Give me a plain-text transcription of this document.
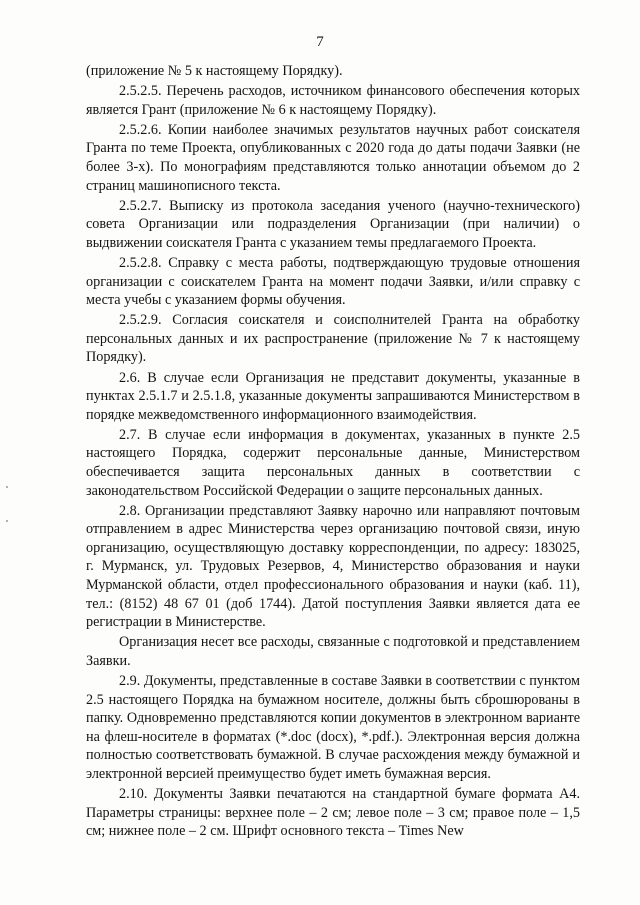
7

(приложение № 5 к настоящему Порядку).

2.5.2.5. Перечень расходов, источником финансового обеспечения которых является Грант (приложение № 6 к настоящему Порядку).

2.5.2.6. Копии наиболее значимых результатов научных работ соискателя Гранта по теме Проекта, опубликованных с 2020 года до даты подачи Заявки (не более 3-х). По монографиям представляются только аннотации объемом до 2 страниц машинописного текста.

2.5.2.7. Выписку из протокола заседания ученого (научно-технического) совета Организации или подразделения Организации (при наличии) о выдвижении соискателя Гранта с указанием темы предлагаемого Проекта.

2.5.2.8. Справку с места работы, подтверждающую трудовые отношения организации с соискателем Гранта на момент подачи Заявки, и/или справку с места учебы с указанием формы обучения.

2.5.2.9. Согласия соискателя и соисполнителей Гранта на обработку персональных данных и их распространение (приложение № 7 к настоящему Порядку).

2.6. В случае если Организация не представит документы, указанные в пунктах 2.5.1.7 и 2.5.1.8, указанные документы запрашиваются Министерством в порядке межведомственного информационного взаимодействия.

2.7. В случае если информация в документах, указанных в пункте 2.5 настоящего Порядка, содержит персональные данные, Министерством обеспечивается защита персональных данных в соответствии с законодательством Российской Федерации о защите персональных данных.

2.8. Организации представляют Заявку нарочно или направляют почтовым отправлением в адрес Министерства через организацию почтовой связи, иную организацию, осуществляющую доставку корреспонденции, по адресу: 183025, г. Мурманск, ул. Трудовых Резервов, 4, Министерство образования и науки Мурманской области, отдел профессионального образования и науки (каб. 11), тел.: (8152) 48 67 01 (доб 1744). Датой поступления Заявки является дата ее регистрации в Министерстве.

Организация несет все расходы, связанные с подготовкой и представлением Заявки.

2.9. Документы, представленные в составе Заявки в соответствии с пунктом 2.5 настоящего Порядка на бумажном носителе, должны быть сброшюрованы в папку. Одновременно представляются копии документов в электронном варианте на флеш-носителе в форматах (*.doc (docx), *.pdf.). Электронная версия должна полностью соответствовать бумажной. В случае расхождения между бумажной и электронной версией преимущество будет иметь бумажная версия.

2.10. Документы Заявки печатаются на стандартной бумаге формата А4. Параметры страницы: верхнее поле – 2 см; левое поле – 3 см; правое поле – 1,5 см; нижнее поле – 2 см. Шрифт основного текста – Times New
